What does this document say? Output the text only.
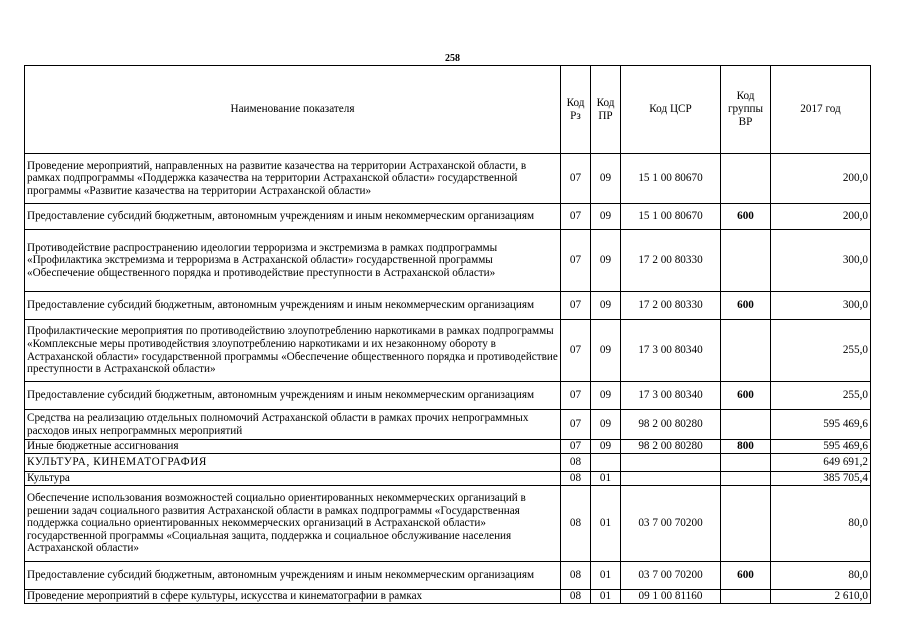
258
Наименование показателя	Код Рз	Код ПР	Код ЦСР	Код группы ВР	2017 год
Проведение мероприятий, направленных на развитие казачества на территории Астраханской области, в рамках подпрограммы «Поддержка казачества на территории Астраханской области» государственной программы «Развитие казачества на территории Астраханской области»	07	09	15 1 00 80670		200,0
Предоставление субсидий бюджетным, автономным учреждениям и иным некоммерческим организациям	07	09	15 1 00 80670	600	200,0
Противодействие распространению идеологии терроризма и экстремизма в рамках подпрограммы «Профилактика экстремизма и терроризма в Астраханской области» государственной программы «Обеспечение общественного порядка и противодействие преступности в Астраханской области»	07	09	17 2 00 80330		300,0
Предоставление субсидий бюджетным, автономным учреждениям и иным некоммерческим организациям	07	09	17 2 00 80330	600	300,0
Профилактические мероприятия по противодействию злоупотреблению наркотиками в рамках подпрограммы «Комплексные меры противодействия злоупотреблению наркотиками и их незаконному обороту в Астраханской области» государственной программы «Обеспечение общественного порядка и противодействие преступности в Астраханской области»	07	09	17 3 00 80340		255,0
Предоставление субсидий бюджетным, автономным учреждениям и иным некоммерческим организациям	07	09	17 3 00 80340	600	255,0
Средства на реализацию отдельных полномочий Астраханской области в рамках прочих непрограммных расходов иных непрограммных мероприятий	07	09	98 2 00 80280		595 469,6
Иные бюджетные ассигнования	07	09	98 2 00 80280	800	595 469,6
КУЛЬТУРА, КИНЕМАТОГРАФИЯ	08				649 691,2
Культура	08	01			385 705,4
Обеспечение использования возможностей социально ориентированных некоммерческих организаций в решении задач социального развития Астраханской области в рамках подпрограммы «Государственная поддержка социально ориентированных некоммерческих организаций в Астраханской области» государственной программы «Социальная защита, поддержка и социальное обслуживание населения Астраханской области»	08	01	03 7 00 70200		80,0
Предоставление субсидий бюджетным, автономным учреждениям и иным некоммерческим организациям	08	01	03 7 00 70200	600	80,0
Проведение мероприятий в сфере культуры, искусства и кинематографии в рамках	08	01	09 1 00 81160		2 610,0
